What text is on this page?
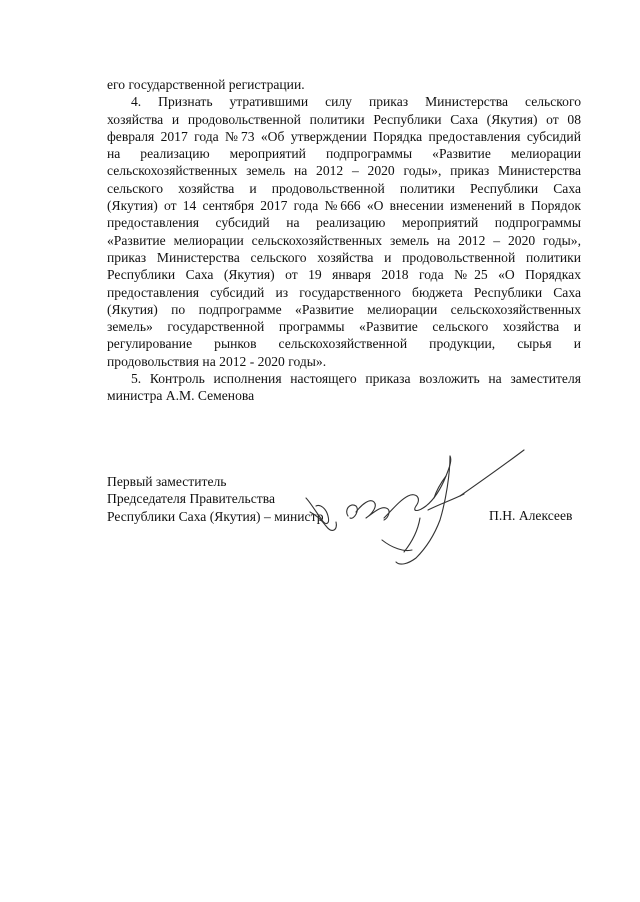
его государственной регистрации.
4. Признать утратившими силу приказ Министерства сельского
хозяйства и продовольственной политики Республики Саха (Якутия) от 08
февраля 2017 года №73 «Об утверждении Порядка предоставления субсидий
на реализацию мероприятий подпрограммы «Развитие мелиорации
сельскохозяйственных земель на 2012 – 2020 годы», приказ Министерства
сельского хозяйства и продовольственной политики Республики Саха
(Якутия) от 14 сентября 2017 года №666 «О внесении изменений в Порядок
предоставления субсидий на реализацию мероприятий подпрограммы
«Развитие мелиорации сельскохозяйственных земель на 2012 – 2020 годы»,
приказ Министерства сельского хозяйства и продовольственной политики
Республики Саха (Якутия) от 19 января 2018 года №25 «О Порядках
предоставления субсидий из государственного бюджета Республики Саха
(Якутия) по подпрограмме «Развитие мелиорации сельскохозяйственных
земель» государственной программы «Развитие сельского хозяйства и
регулирование рынков сельскохозяйственной продукции, сырья и
продовольствия на 2012 - 2020 годы».
5. Контроль исполнения настоящего приказа возложить на заместителя
министра А.М. Семенова
Первый заместитель
Председателя Правительства
Республики Саха (Якутия) – министр	П.Н. Алексеев
